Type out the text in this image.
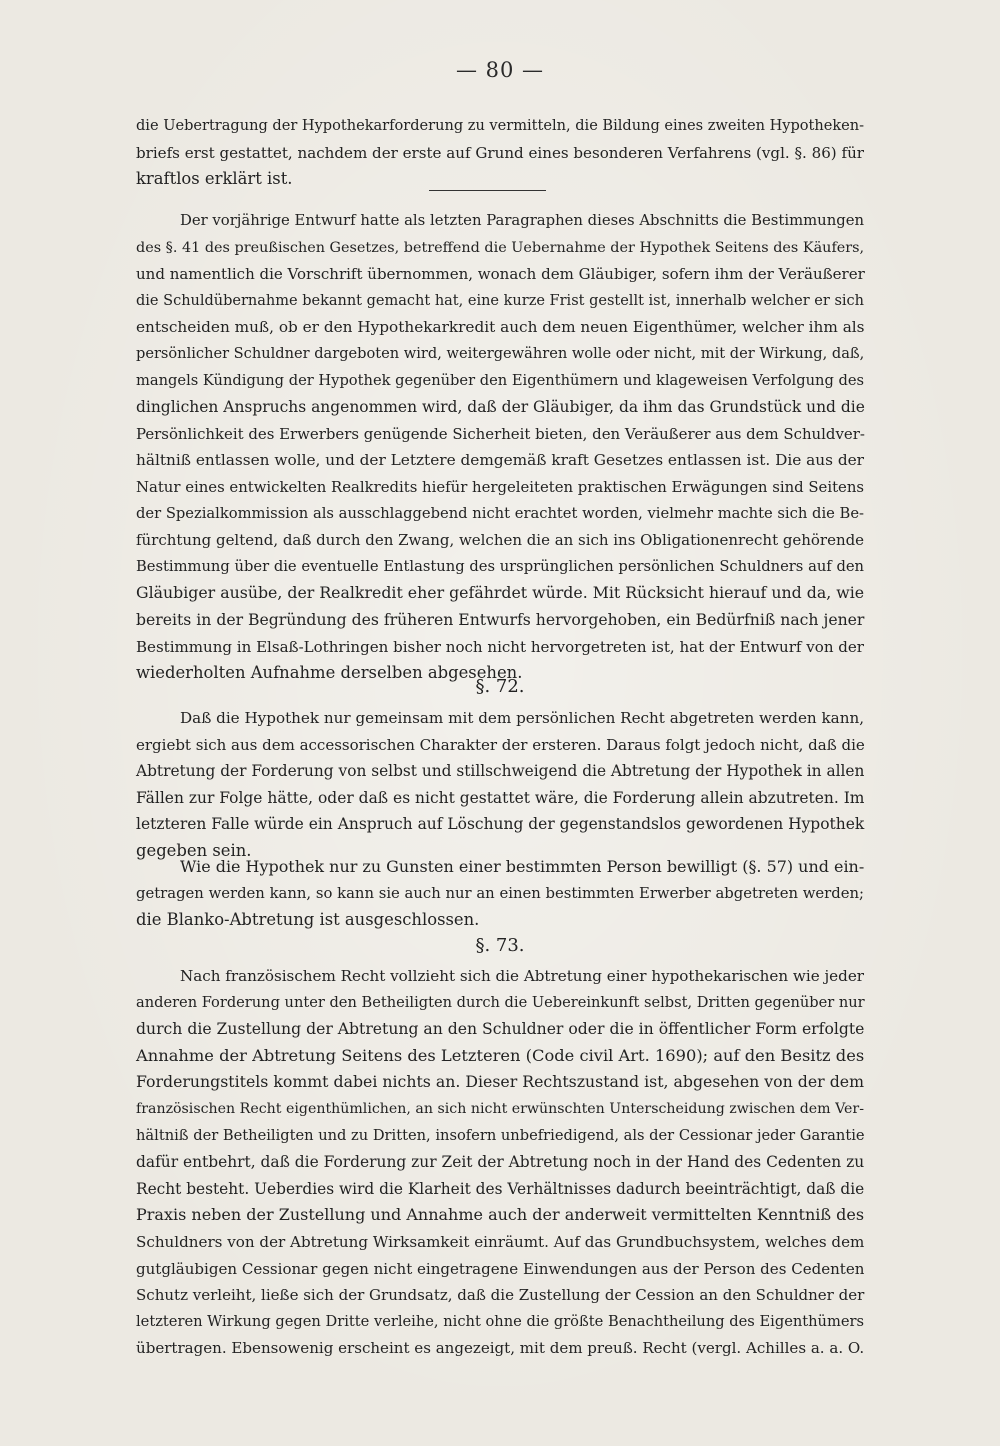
— 80 —
die Uebertragung der Hypothekarforderung zu vermitteln, die Bildung eines zweiten Hypotheken-
briefs erst gestattet, nachdem der erste auf Grund eines besonderen Verfahrens (vgl. §. 86) für
kraftlos erklärt ist.
Der vorjährige Entwurf hatte als letzten Paragraphen dieses Abschnitts die Bestimmungen
des §. 41 des preußischen Gesetzes, betreffend die Uebernahme der Hypothek Seitens des Käufers,
und namentlich die Vorschrift übernommen, wonach dem Gläubiger, sofern ihm der Veräußerer
die Schuldübernahme bekannt gemacht hat, eine kurze Frist gestellt ist, innerhalb welcher er sich
entscheiden muß, ob er den Hypothekarkredit auch dem neuen Eigenthümer, welcher ihm als
persönlicher Schuldner dargeboten wird, weitergewähren wolle oder nicht, mit der Wirkung, daß,
mangels Kündigung der Hypothek gegenüber den Eigenthümern und klageweisen Verfolgung des
dinglichen Anspruchs angenommen wird, daß der Gläubiger, da ihm das Grundstück und die
Persönlichkeit des Erwerbers genügende Sicherheit bieten, den Veräußerer aus dem Schuldver-
hältniß entlassen wolle, und der Letztere demgemäß kraft Gesetzes entlassen ist. Die aus der
Natur eines entwickelten Realkredits hiefür hergeleiteten praktischen Erwägungen sind Seitens
der Spezialkommission als ausschlaggebend nicht erachtet worden, vielmehr machte sich die Be-
fürchtung geltend, daß durch den Zwang, welchen die an sich ins Obligationenrecht gehörende
Bestimmung über die eventuelle Entlastung des ursprünglichen persönlichen Schuldners auf den
Gläubiger ausübe, der Realkredit eher gefährdet würde. Mit Rücksicht hierauf und da, wie
bereits in der Begründung des früheren Entwurfs hervorgehoben, ein Bedürfniß nach jener
Bestimmung in Elsaß-Lothringen bisher noch nicht hervorgetreten ist, hat der Entwurf von der
wiederholten Aufnahme derselben abgesehen.
§. 72.
Daß die Hypothek nur gemeinsam mit dem persönlichen Recht abgetreten werden kann,
ergiebt sich aus dem accessorischen Charakter der ersteren. Daraus folgt jedoch nicht, daß die
Abtretung der Forderung von selbst und stillschweigend die Abtretung der Hypothek in allen
Fällen zur Folge hätte, oder daß es nicht gestattet wäre, die Forderung allein abzutreten. Im
letzteren Falle würde ein Anspruch auf Löschung der gegenstandslos gewordenen Hypothek
gegeben sein.
Wie die Hypothek nur zu Gunsten einer bestimmten Person bewilligt (§. 57) und ein-
getragen werden kann, so kann sie auch nur an einen bestimmten Erwerber abgetreten werden;
die Blanko-Abtretung ist ausgeschlossen.
§. 73.
Nach französischem Recht vollzieht sich die Abtretung einer hypothekarischen wie jeder
anderen Forderung unter den Betheiligten durch die Uebereinkunft selbst, Dritten gegenüber nur
durch die Zustellung der Abtretung an den Schuldner oder die in öffentlicher Form erfolgte
Annahme der Abtretung Seitens des Letzteren (Code civil Art. 1690); auf den Besitz des
Forderungstitels kommt dabei nichts an. Dieser Rechtszustand ist, abgesehen von der dem
französischen Recht eigenthümlichen, an sich nicht erwünschten Unterscheidung zwischen dem Ver-
hältniß der Betheiligten und zu Dritten, insofern unbefriedigend, als der Cessionar jeder Garantie
dafür entbehrt, daß die Forderung zur Zeit der Abtretung noch in der Hand des Cedenten zu
Recht besteht. Ueberdies wird die Klarheit des Verhältnisses dadurch beeinträchtigt, daß die
Praxis neben der Zustellung und Annahme auch der anderweit vermittelten Kenntniß des
Schuldners von der Abtretung Wirksamkeit einräumt. Auf das Grundbuchsystem, welches dem
gutgläubigen Cessionar gegen nicht eingetragene Einwendungen aus der Person des Cedenten
Schutz verleiht, ließe sich der Grundsatz, daß die Zustellung der Cession an den Schuldner der
letzteren Wirkung gegen Dritte verleihe, nicht ohne die größte Benachtheilung des Eigenthümers
übertragen. Ebensowenig erscheint es angezeigt, mit dem preuß. Recht (vergl. Achilles a. a. O.
